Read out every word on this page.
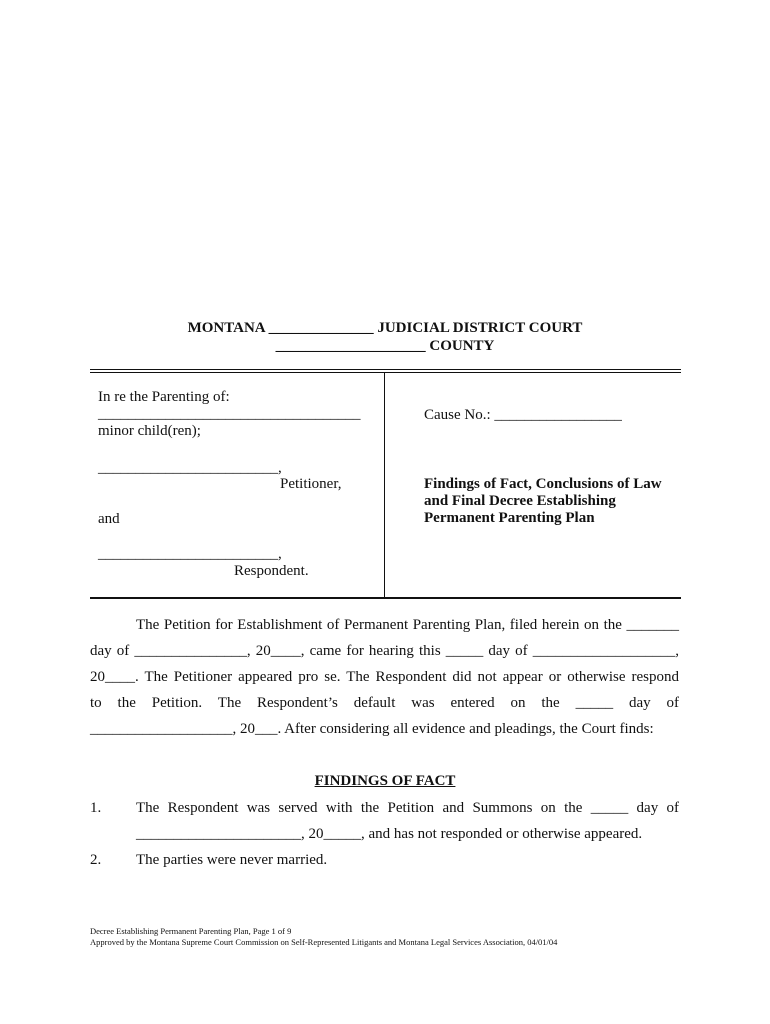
MONTANA ______________ JUDICIAL DISTRICT COURT
____________________ COUNTY
In re the Parenting of:
___________________________________
minor child(ren);
________________________,
Petitioner,
and
________________________,
Respondent.
Cause No.: _________________
Findings of Fact, Conclusions of Law
and Final Decree Establishing
Permanent Parenting Plan
The Petition for Establishment of Permanent Parenting Plan, filed herein on the _______
day of _______________, 20____, came for hearing this _____ day of ___________________,
20____. The Petitioner appeared pro se. The Respondent did not appear or otherwise respond
to the Petition. The Respondent’s default was entered on the _____ day of
___________________, 20___. After considering all evidence and pleadings, the Court finds:
FINDINGS OF FACT
1. The Respondent was served with the Petition and Summons on the _____ day of
______________________, 20_____, and has not responded or otherwise appeared.
2. The parties were never married.
Decree Establishing Permanent Parenting Plan, Page 1 of 9
Approved by the Montana Supreme Court Commission on Self-Represented Litigants and Montana Legal Services Association, 04/01/04
